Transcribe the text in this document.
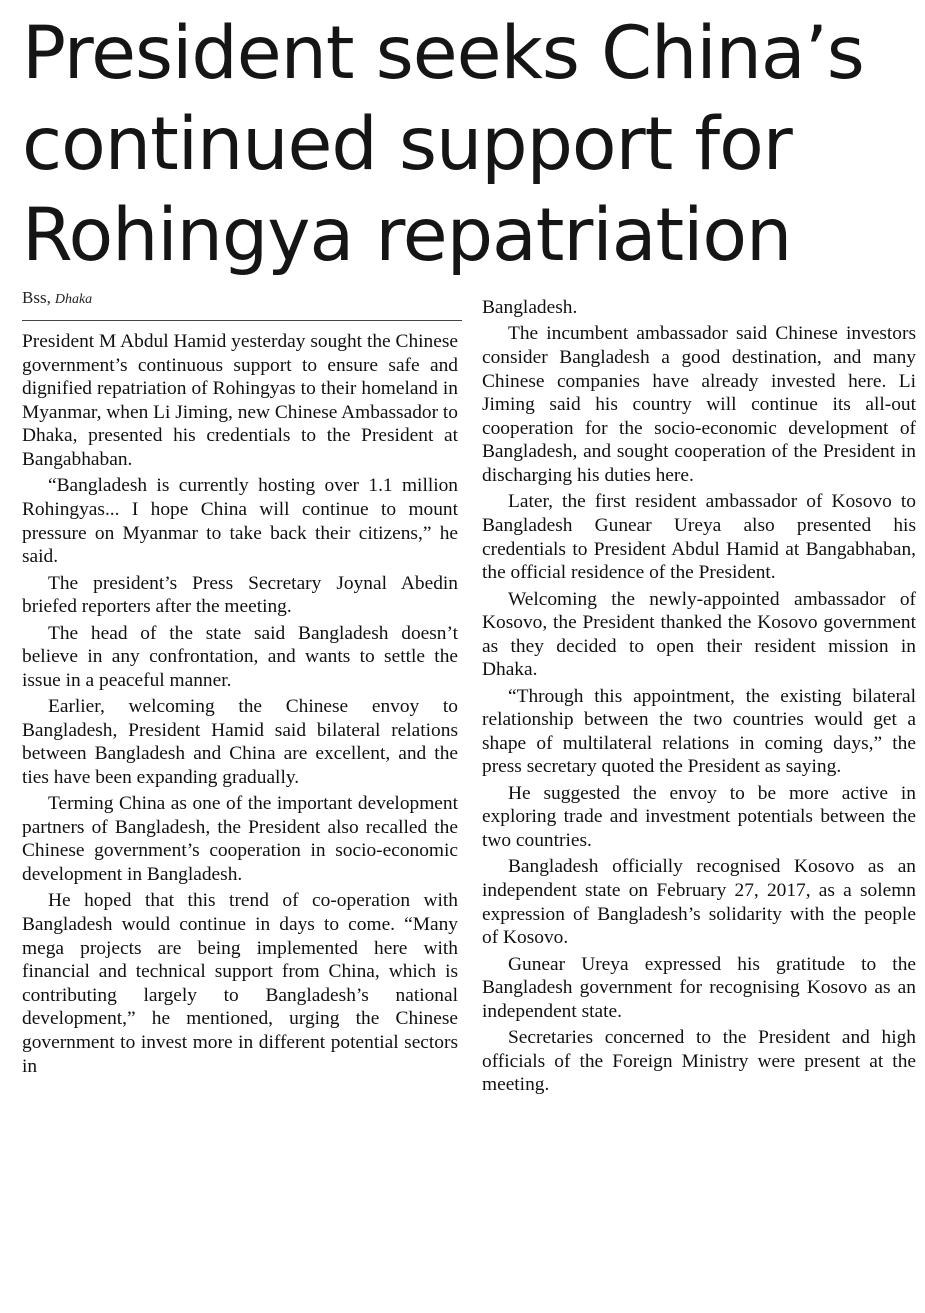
President seeks China’s
continued support for
Rohingya repatriation
Bss, Dhaka

President M Abdul Hamid yesterday sought the Chinese government’s continuous support to ensure safe and dignified repatriation of Rohingyas to their homeland in Myanmar, when Li Jiming, new Chinese Ambassador to Dhaka, presented his credentials to the President at Bangabhaban.

“Bangladesh is currently hosting over 1.1 million Rohingyas... I hope China will continue to mount pressure on Myanmar to take back their citizens,” he said.

The president’s Press Secretary Joynal Abedin briefed reporters after the meeting.

The head of the state said Bangladesh doesn’t believe in any confrontation, and wants to settle the issue in a peaceful manner.

Earlier, welcoming the Chinese envoy to Bangladesh, President Hamid said bilateral relations between Bangladesh and China are excellent, and the ties have been expanding gradually.

Terming China as one of the important development partners of Bangladesh, the President also recalled the Chinese government’s cooperation in socio-economic development in Bangladesh.

He hoped that this trend of co-operation with Bangladesh would continue in days to come. “Many mega projects are being implemented here with financial and technical support from China, which is contributing largely to Bangladesh’s national development,” he mentioned, urging the Chinese government to invest more in different potential sectors in

Bangladesh.

The incumbent ambassador said Chinese investors consider Bangladesh a good destination, and many Chinese companies have already invested here. Li Jiming said his country will continue its all-out cooperation for the socio-economic development of Bangladesh, and sought cooperation of the President in discharging his duties here.

Later, the first resident ambassador of Kosovo to Bangladesh Gunear Ureya also presented his credentials to President Abdul Hamid at Bangabhaban, the official residence of the President.

Welcoming the newly-appointed ambassador of Kosovo, the President thanked the Kosovo government as they decided to open their resident mission in Dhaka.

“Through this appointment, the existing bilateral relationship between the two countries would get a shape of multilateral relations in coming days,” the press secretary quoted the President as saying.

He suggested the envoy to be more active in exploring trade and investment potentials between the two countries.

Bangladesh officially recognised Kosovo as an independent state on February 27, 2017, as a solemn expression of Bangladesh’s solidarity with the people of Kosovo.

Gunear Ureya expressed his gratitude to the Bangladesh government for recognising Kosovo as an independent state.

Secretaries concerned to the President and high officials of the Foreign Ministry were present at the meeting.
